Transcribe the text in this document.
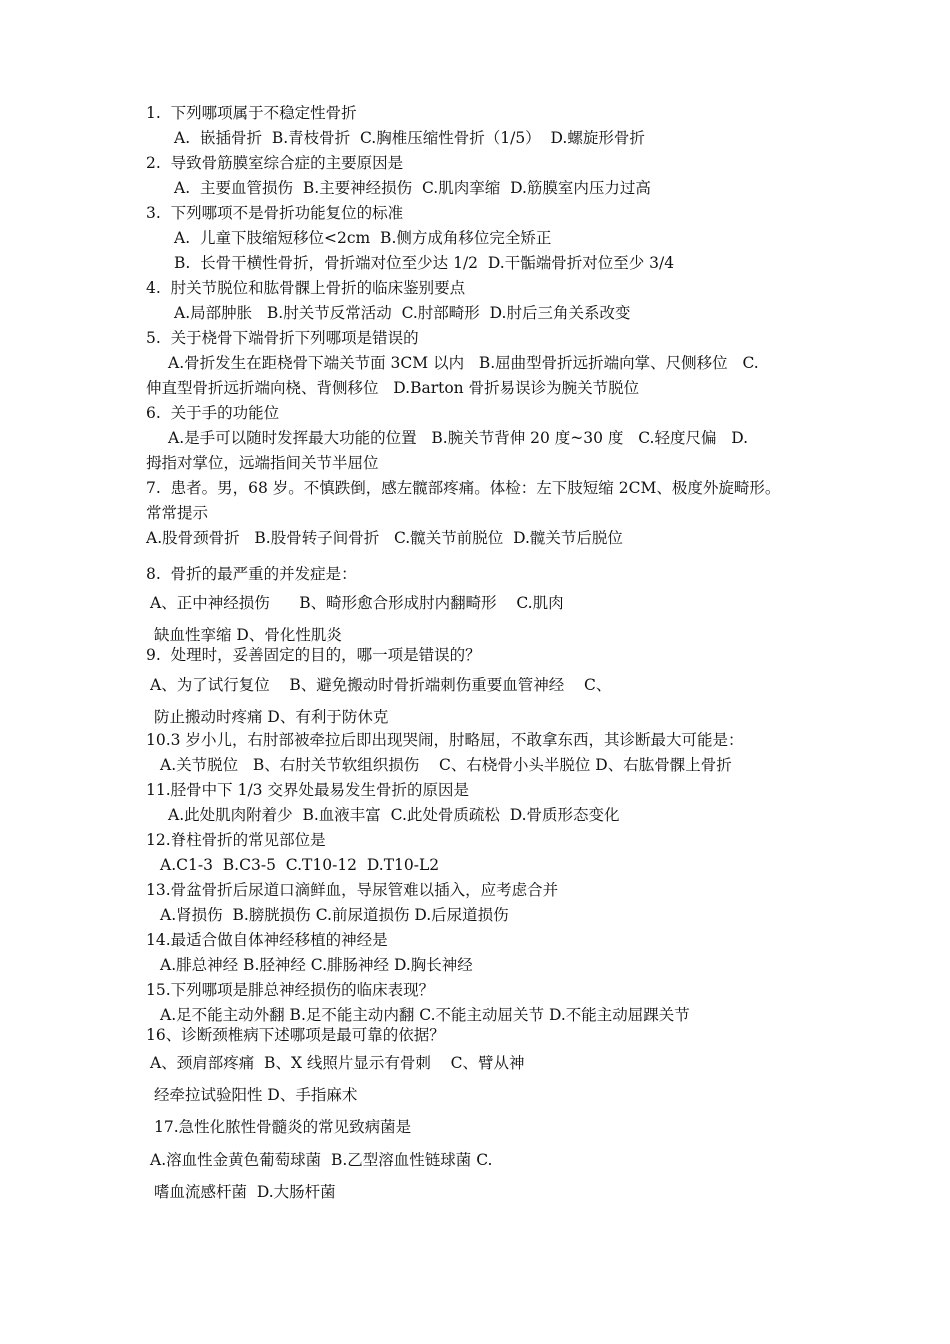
1.  下列哪项属于不稳定性骨折
A.  嵌插骨折  B.青枝骨折  C.胸椎压缩性骨折（1/5）  D.螺旋形骨折
2.  导致骨筋膜室综合症的主要原因是
A.  主要血管损伤  B.主要神经损伤  C.肌肉挛缩  D.筋膜室内压力过高
3.  下列哪项不是骨折功能复位的标准
A.  儿童下肢缩短移位<2cm  B.侧方成角移位完全矫正
B.  长骨干横性骨折，骨折端对位至少达 1/2  D.干骺端骨折对位至少 3/4
4.  肘关节脱位和肱骨髁上骨折的临床鉴别要点
A.局部肿胀   B.肘关节反常活动  C.肘部畸形  D.肘后三角关系改变
5.  关于桡骨下端骨折下列哪项是错误的
A.骨折发生在距桡骨下端关节面 3CM 以内   B.屈曲型骨折远折端向掌、尺侧移位   C.
伸直型骨折远折端向桡、背侧移位   D.Barton 骨折易误诊为腕关节脱位
6.  关于手的功能位
A.是手可以随时发挥最大功能的位置   B.腕关节背伸 20 度~30 度   C.轻度尺偏   D.
拇指对掌位，远端指间关节半屈位
7.  患者。男，68 岁。不慎跌倒，感左髋部疼痛。体检：左下肢短缩 2CM、极度外旋畸形。
常常提示
A.股骨颈骨折   B.股骨转子间骨折   C.髋关节前脱位  D.髋关节后脱位
8.  骨折的最严重的并发症是：
A、正中神经损伤      B、畸形愈合形成肘内翻畸形    C.肌肉
缺血性挛缩 D、骨化性肌炎
9.  处理时，妥善固定的目的，哪一项是错误的？
A、为了试行复位    B、避免搬动时骨折端刺伤重要血管神经    C、
防止搬动时疼痛 D、有利于防休克
10.3 岁小儿，右肘部被牵拉后即出现哭闹，肘略屈，不敢拿东西，其诊断最大可能是：
A.关节脱位   B、右肘关节软组织损伤    C、右桡骨小头半脱位 D、右肱骨髁上骨折
11.胫骨中下 1/3 交界处最易发生骨折的原因是
A.此处肌肉附着少  B.血液丰富  C.此处骨质疏松  D.骨质形态变化
12.脊柱骨折的常见部位是
A.C1-3  B.C3-5  C.T10-12  D.T10-L2
13.骨盆骨折后尿道口滴鲜血，导尿管难以插入，应考虑合并
A.肾损伤  B.膀胱损伤 C.前尿道损伤 D.后尿道损伤
14.最适合做自体神经移植的神经是
A.腓总神经 B.胫神经 C.腓肠神经 D.胸长神经
15.下列哪项是腓总神经损伤的临床表现？
A.足不能主动外翻 B.足不能主动内翻 C.不能主动屈关节 D.不能主动屈踝关节
16、诊断颈椎病下述哪项是最可靠的依据？
A、颈肩部疼痛  B、X 线照片显示有骨刺    C、臂从神
经牵拉试验阳性 D、手指麻术
17.急性化脓性骨髓炎的常见致病菌是
A.溶血性金黄色葡萄球菌  B.乙型溶血性链球菌 C.
嗜血流感杆菌  D.大肠杆菌
